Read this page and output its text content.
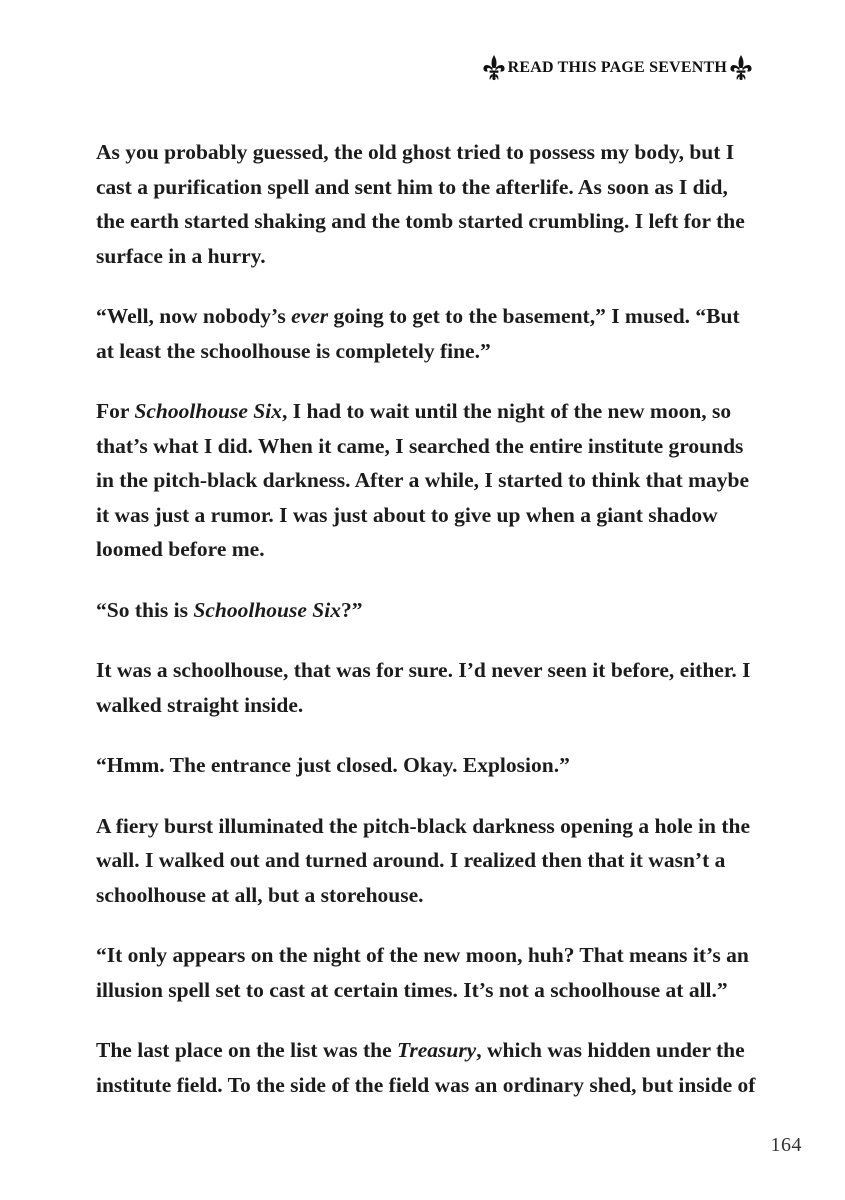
READ THIS PAGE SEVENTH

As you probably guessed, the old ghost tried to possess my body, but I cast a purification spell and sent him to the afterlife. As soon as I did, the earth started shaking and the tomb started crumbling. I left for the surface in a hurry.

“Well, now nobody’s ever going to get to the basement,” I mused. “But at least the schoolhouse is completely fine.”

For Schoolhouse Six, I had to wait until the night of the new moon, so that’s what I did. When it came, I searched the entire institute grounds in the pitch-black darkness. After a while, I started to think that maybe it was just a rumor. I was just about to give up when a giant shadow loomed before me.

“So this is Schoolhouse Six?”

It was a schoolhouse, that was for sure. I’d never seen it before, either. I walked straight inside.

“Hmm. The entrance just closed. Okay. Explosion.”

A fiery burst illuminated the pitch-black darkness opening a hole in the wall. I walked out and turned around. I realized then that it wasn’t a schoolhouse at all, but a storehouse.

“It only appears on the night of the new moon, huh? That means it’s an illusion spell set to cast at certain times. It’s not a schoolhouse at all.”

The last place on the list was the Treasury, which was hidden under the institute field. To the side of the field was an ordinary shed, but inside of

164
